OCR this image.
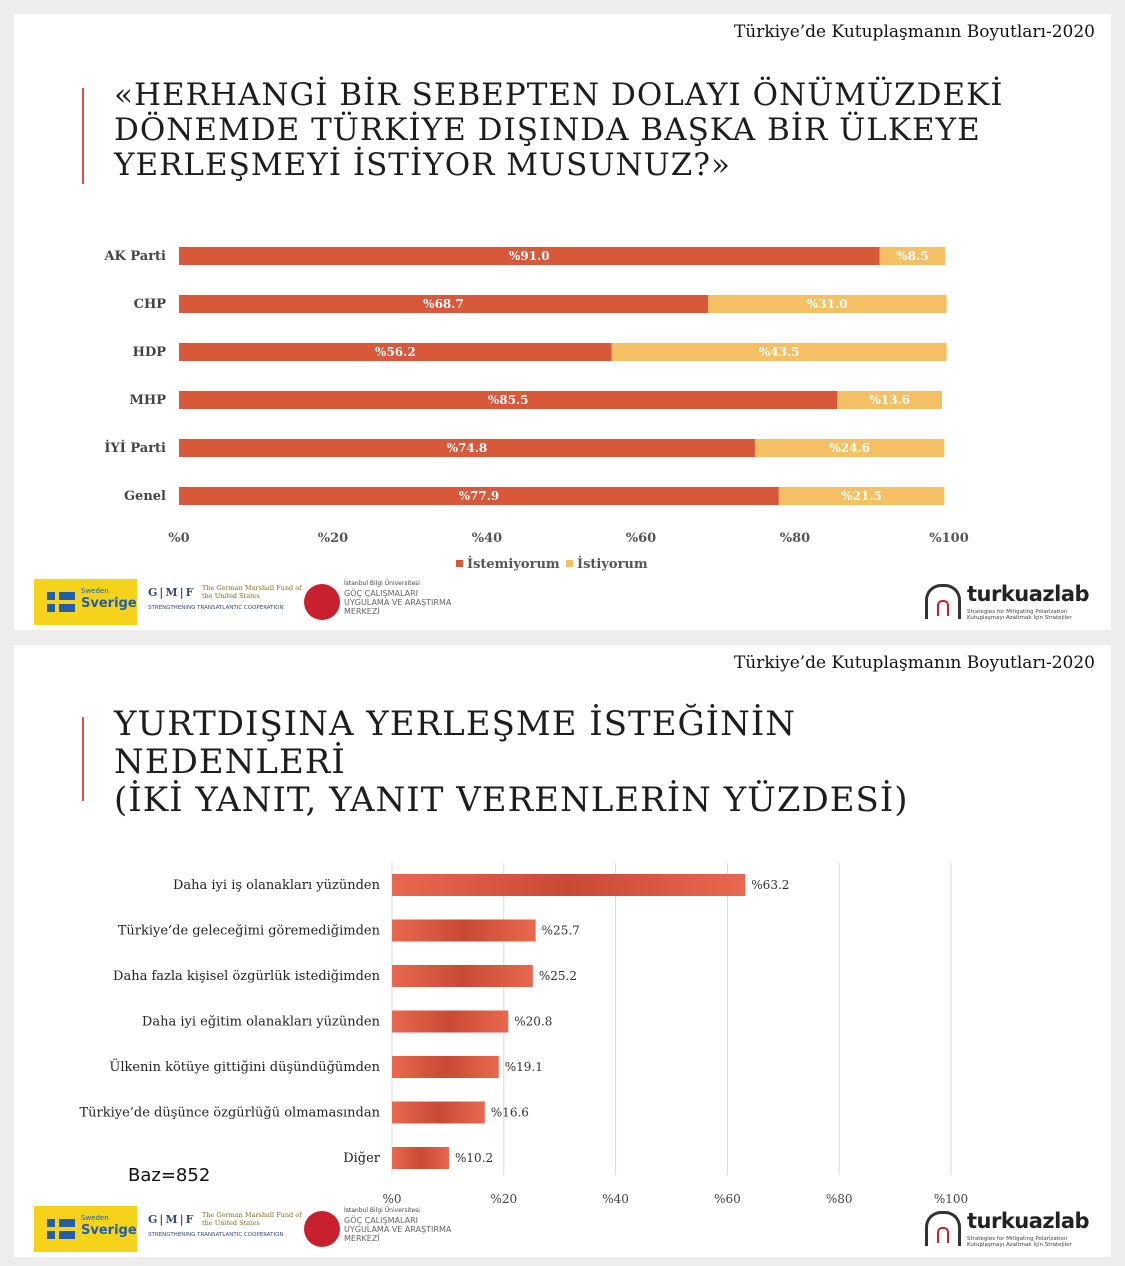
Türkiye’de Kutuplaşmanın Boyutları-2020
«HERHANGİ BİR SEBEPTEN DOLAYI ÖNÜMÜZDEKİ
DÖNEMDE TÜRKİYE DIŞINDA BAŞKA BİR ÜLKEYE
YERLEŞMEYİ İSTİYOR MUSUNUZ?»
AK Parti	%91.0	%8.5
CHP	%68.7	%31.0
HDP	%56.2	%43.5
MHP	%85.5	%13.6
İYİ Parti	%74.8	%24.6
Genel	%77.9	%21.5
%0	%20	%40	%60	%80	%100
İstemiyorum İstiyorum
Sweden
Sverige
G|M|F	The German Marshall Fund of the United States
STRENGTHENING TRANSATLANTIC COOPERATION
İstanbul Bilgi Üniversitesi
GÖÇ ÇALIŞMALARI UYGULAMA VE ARAŞTIRMA MERKEZİ
turkuazlab
Strategies for Mitigating Polarization
Kutuplaşmayı Azaltmak İçin Stratejiler
Türkiye’de Kutuplaşmanın Boyutları-2020
YURTDIŞINA YERLEŞME İSTEĞİNİN
NEDENLERİ
(İKİ YANIT, YANIT VERENLERİN YÜZDESİ)
Daha iyi iş olanakları yüzünden	%63.2
Türkiye’de geleceğimi göremediğimden	%25.7
Daha fazla kişisel özgürlük istediğimden	%25.2
Daha iyi eğitim olanakları yüzünden	%20.8
Ülkenin kötüye gittiğini düşündüğümden	%19.1
Türkiye’de düşünce özgürlüğü olmamasından	%16.6
Diğer	%10.2
%0	%20	%40	%60	%80	%100
Baz=852
Sweden
Sverige
G|M|F	The German Marshall Fund of the United States
STRENGTHENING TRANSATLANTIC COOPERATION
İstanbul Bilgi Üniversitesi
GÖÇ ÇALIŞMALARI UYGULAMA VE ARAŞTIRMA MERKEZİ
turkuazlab
Strategies for Mitigating Polarization
Kutuplaşmayı Azaltmak İçin Stratejiler
